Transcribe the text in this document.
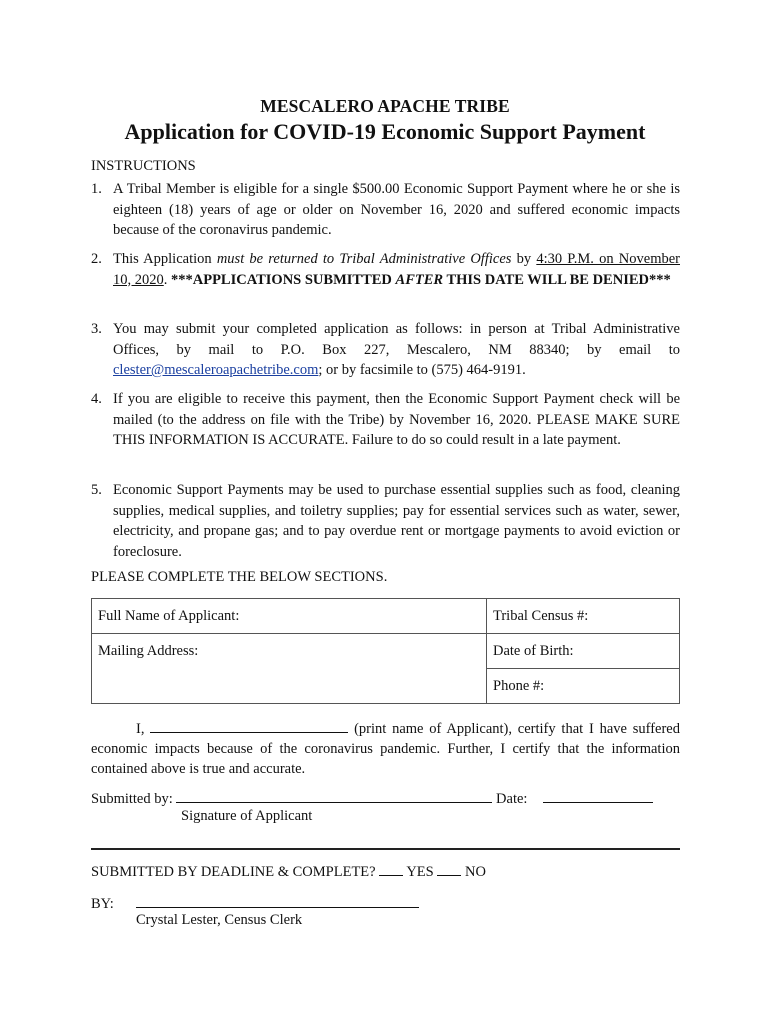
MESCALERO APACHE TRIBE
Application for COVID-19 Economic Support Payment
INSTRUCTIONS
1. A Tribal Member is eligible for a single $500.00 Economic Support Payment where he or she is eighteen (18) years of age or older on November 16, 2020 and suffered economic impacts because of the coronavirus pandemic.
2. This Application must be returned to Tribal Administrative Offices by 4:30 P.M. on November 10, 2020. ***APPLICATIONS SUBMITTED AFTER THIS DATE WILL BE DENIED***
3. You may submit your completed application as follows: in person at Tribal Administrative Offices, by mail to P.O. Box 227, Mescalero, NM 88340; by email to clester@mescaleroapachetribe.com; or by facsimile to (575) 464-9191.
4. If you are eligible to receive this payment, then the Economic Support Payment check will be mailed (to the address on file with the Tribe) by November 16, 2020. PLEASE MAKE SURE THIS INFORMATION IS ACCURATE. Failure to do so could result in a late payment.
5. Economic Support Payments may be used to purchase essential supplies such as food, cleaning supplies, medical supplies, and toiletry supplies; pay for essential services such as water, sewer, electricity, and propane gas; and to pay overdue rent or mortgage payments to avoid eviction or foreclosure.
PLEASE COMPLETE THE BELOW SECTIONS.
Full Name of Applicant:	Tribal Census #:
Mailing Address:	Date of Birth:
	Phone #:
I,	(print name of Applicant), certify that I have suffered economic impacts because of the coronavirus pandemic. Further, I certify that the information contained above is true and accurate.
Submitted by:	Date:
Signature of Applicant
SUBMITTED BY DEADLINE & COMPLETE?  YES  NO
BY:
Crystal Lester, Census Clerk
